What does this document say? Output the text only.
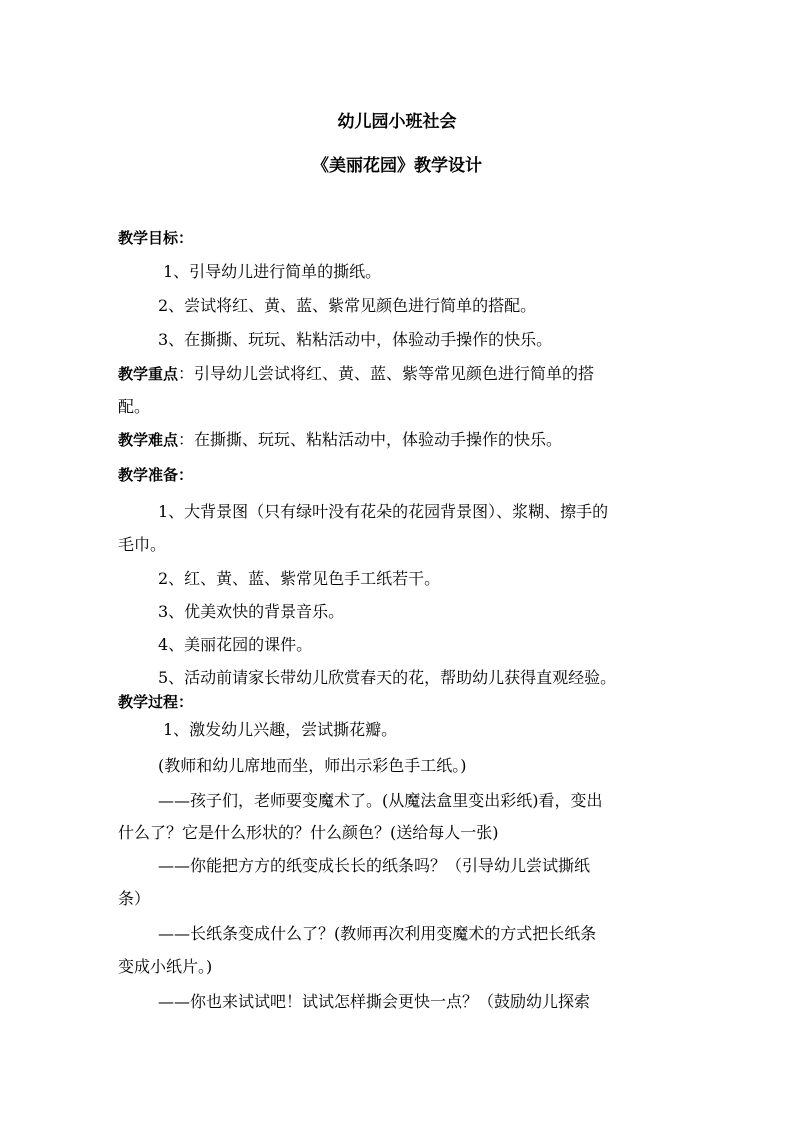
幼儿园小班社会
《美丽花园》教学设计
教学目标：
1、引导幼儿进行简单的撕纸。
2、尝试将红、黄、蓝、紫常见颜色进行简单的搭配。
3、在撕撕、玩玩、粘粘活动中，体验动手操作的快乐。
教学重点：引导幼儿尝试将红、黄、蓝、紫等常见颜色进行简单的搭
配。
教学难点：在撕撕、玩玩、粘粘活动中，体验动手操作的快乐。
教学准备：
1、大背景图（只有绿叶没有花朵的花园背景图）、浆糊、擦手的
毛巾。
2、红、黄、蓝、紫常见色手工纸若干。
3、优美欢快的背景音乐。
4、美丽花园的课件。
5、活动前请家长带幼儿欣赏春天的花，帮助幼儿获得直观经验。
教学过程：
1、激发幼儿兴趣，尝试撕花瓣。
(教师和幼儿席地而坐，师出示彩色手工纸。)
——孩子们，老师要变魔术了。(从魔法盒里变出彩纸)看，变出
什么了？它是什么形状的？什么颜色？(送给每人一张)
——你能把方方的纸变成长长的纸条吗？（引导幼儿尝试撕纸
条）
——长纸条变成什么了？(教师再次利用变魔术的方式把长纸条
变成小纸片。)
——你也来试试吧！试试怎样撕会更快一点？（鼓励幼儿探索
